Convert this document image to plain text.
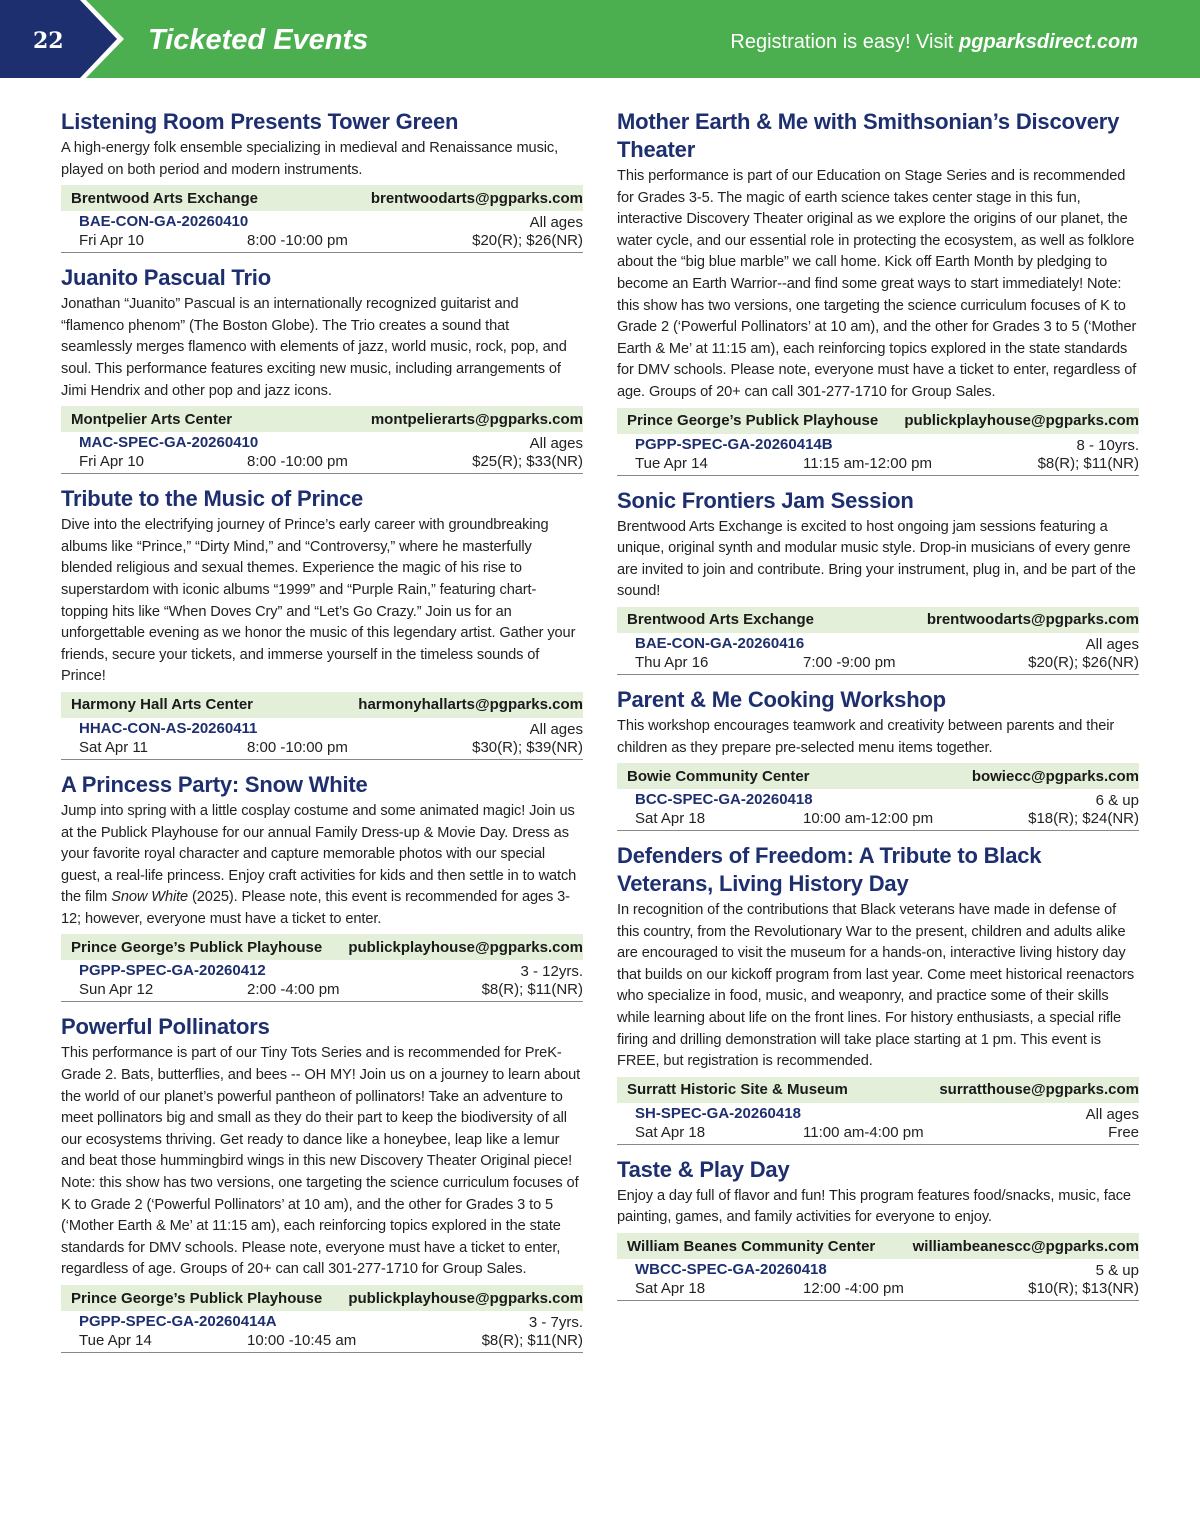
22	Ticketed Events	Registration is easy! Visit pgparksdirect.com
Listening Room Presents Tower Green
A high-energy folk ensemble specializing in medieval and Renaissance music, played on both period and modern instruments.
Brentwood Arts Exchange	brentwoodarts@pgparks.com
BAE-CON-GA-20260410	All ages
Fri Apr 10	8:00 -10:00 pm	$20(R); $26(NR)
Juanito Pascual Trio
Jonathan “Juanito” Pascual is an internationally recognized guitarist and “flamenco phenom” (The Boston Globe). The Trio creates a sound that seamlessly merges flamenco with elements of jazz, world music, rock, pop, and soul. This performance features exciting new music, including arrangements of Jimi Hendrix and other pop and jazz icons.
Montpelier Arts Center	montpelierarts@pgparks.com
MAC-SPEC-GA-20260410	All ages
Fri Apr 10	8:00 -10:00 pm	$25(R); $33(NR)
Tribute to the Music of Prince
Dive into the electrifying journey of Prince’s early career with groundbreaking albums like “Prince,” “Dirty Mind,” and “Controversy,” where he masterfully blended religious and sexual themes. Experience the magic of his rise to superstardom with iconic albums “1999” and “Purple Rain,” featuring chart-topping hits like “When Doves Cry” and “Let’s Go Crazy.” Join us for an unforgettable evening as we honor the music of this legendary artist. Gather your friends, secure your tickets, and immerse yourself in the timeless sounds of Prince!
Harmony Hall Arts Center	harmonyhallarts@pgparks.com
HHAC-CON-AS-20260411	All ages
Sat Apr 11	8:00 -10:00 pm	$30(R); $39(NR)
A Princess Party: Snow White
Jump into spring with a little cosplay costume and some animated magic! Join us at the Publick Playhouse for our annual Family Dress-up & Movie Day. Dress as your favorite royal character and capture memorable photos with our special guest, a real-life princess. Enjoy craft activities for kids and then settle in to watch the film Snow White (2025). Please note, this event is recommended for ages 3-12; however, everyone must have a ticket to enter.
Prince George’s Publick Playhouse publickplayhouse@pgparks.com
PGPP-SPEC-GA-20260412	3 - 12yrs.
Sun Apr 12	2:00 -4:00 pm	$8(R); $11(NR)
Powerful Pollinators
This performance is part of our Tiny Tots Series and is recommended for PreK-Grade 2. Bats, butterflies, and bees -- OH MY! Join us on a journey to learn about the world of our planet’s powerful pantheon of pollinators! Take an adventure to meet pollinators big and small as they do their part to keep the biodiversity of all our ecosystems thriving. Get ready to dance like a honeybee, leap like a lemur and beat those hummingbird wings in this new Discovery Theater Original piece! Note: this show has two versions, one targeting the science curriculum focuses of K to Grade 2 (‘Powerful Pollinators’ at 10 am), and the other for Grades 3 to 5 (‘Mother Earth & Me’ at 11:15 am), each reinforcing topics explored in the state standards for DMV schools. Please note, everyone must have a ticket to enter, regardless of age. Groups of 20+ can call 301-277-1710 for Group Sales.
Prince George’s Publick Playhouse publickplayhouse@pgparks.com
PGPP-SPEC-GA-20260414A	3 - 7yrs.
Tue Apr 14	10:00 -10:45 am	$8(R); $11(NR)
Mother Earth & Me with Smithsonian’s Discovery Theater
This performance is part of our Education on Stage Series and is recommended for Grades 3-5. The magic of earth science takes center stage in this fun, interactive Discovery Theater original as we explore the origins of our planet, the water cycle, and our essential role in protecting the ecosystem, as well as folklore about the “big blue marble” we call home. Kick off Earth Month by pledging to become an Earth Warrior--and find some great ways to start immediately! Note: this show has two versions, one targeting the science curriculum focuses of K to Grade 2 (‘Powerful Pollinators’ at 10 am), and the other for Grades 3 to 5 (‘Mother Earth & Me’ at 11:15 am), each reinforcing topics explored in the state standards for DMV schools. Please note, everyone must have a ticket to enter, regardless of age. Groups of 20+ can call 301-277-1710 for Group Sales.
Prince George’s Publick Playhouse publickplayhouse@pgparks.com
PGPP-SPEC-GA-20260414B	8 - 10yrs.
Tue Apr 14	11:15 am-12:00 pm	$8(R); $11(NR)
Sonic Frontiers Jam Session
Brentwood Arts Exchange is excited to host ongoing jam sessions featuring a unique, original synth and modular music style. Drop-in musicians of every genre are invited to join and contribute. Bring your instrument, plug in, and be part of the sound!
Brentwood Arts Exchange	brentwoodarts@pgparks.com
BAE-CON-GA-20260416	All ages
Thu Apr 16	7:00 -9:00 pm	$20(R); $26(NR)
Parent & Me Cooking Workshop
This workshop encourages teamwork and creativity between parents and their children as they prepare pre-selected menu items together.
Bowie Community Center	bowiecc@pgparks.com
BCC-SPEC-GA-20260418	6 & up
Sat Apr 18	10:00 am-12:00 pm	$18(R); $24(NR)
Defenders of Freedom: A Tribute to Black Veterans, Living History Day
In recognition of the contributions that Black veterans have made in defense of this country, from the Revolutionary War to the present, children and adults alike are encouraged to visit the museum for a hands-on, interactive living history day that builds on our kickoff program from last year. Come meet historical reenactors who specialize in food, music, and weaponry, and practice some of their skills while learning about life on the front lines. For history enthusiasts, a special rifle firing and drilling demonstration will take place starting at 1 pm. This event is FREE, but registration is recommended.
Surratt Historic Site & Museum	surratthouse@pgparks.com
SH-SPEC-GA-20260418	All ages
Sat Apr 18	11:00 am-4:00 pm	Free
Taste & Play Day
Enjoy a day full of flavor and fun! This program features food/snacks, music, face painting, games, and family activities for everyone to enjoy.
William Beanes Community Center williambeanescc@pgparks.com
WBCC-SPEC-GA-20260418	5 & up
Sat Apr 18	12:00 -4:00 pm	$10(R); $13(NR)
